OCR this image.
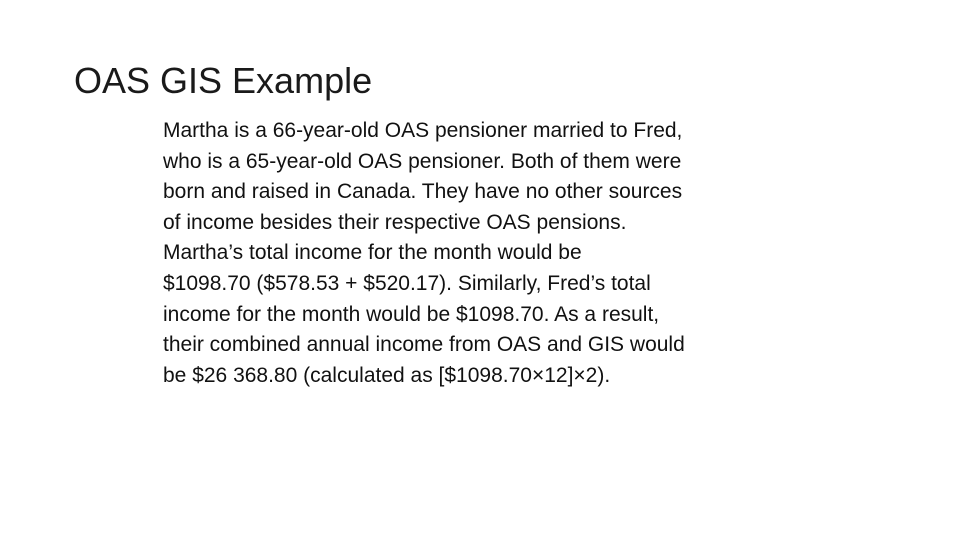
OAS GIS Example
Martha is a 66-year-old OAS pensioner married to Fred,
who is a 65-year-old OAS pensioner. Both of them were
born and raised in Canada. They have no other sources
of income besides their respective OAS pensions.
Martha’s total income for the month would be
$1098.70 ($578.53 + $520.17). Similarly, Fred’s total
income for the month would be $1098.70. As a result,
their combined annual income from OAS and GIS would
be $26 368.80 (calculated as [$1098.70×12]×2).
